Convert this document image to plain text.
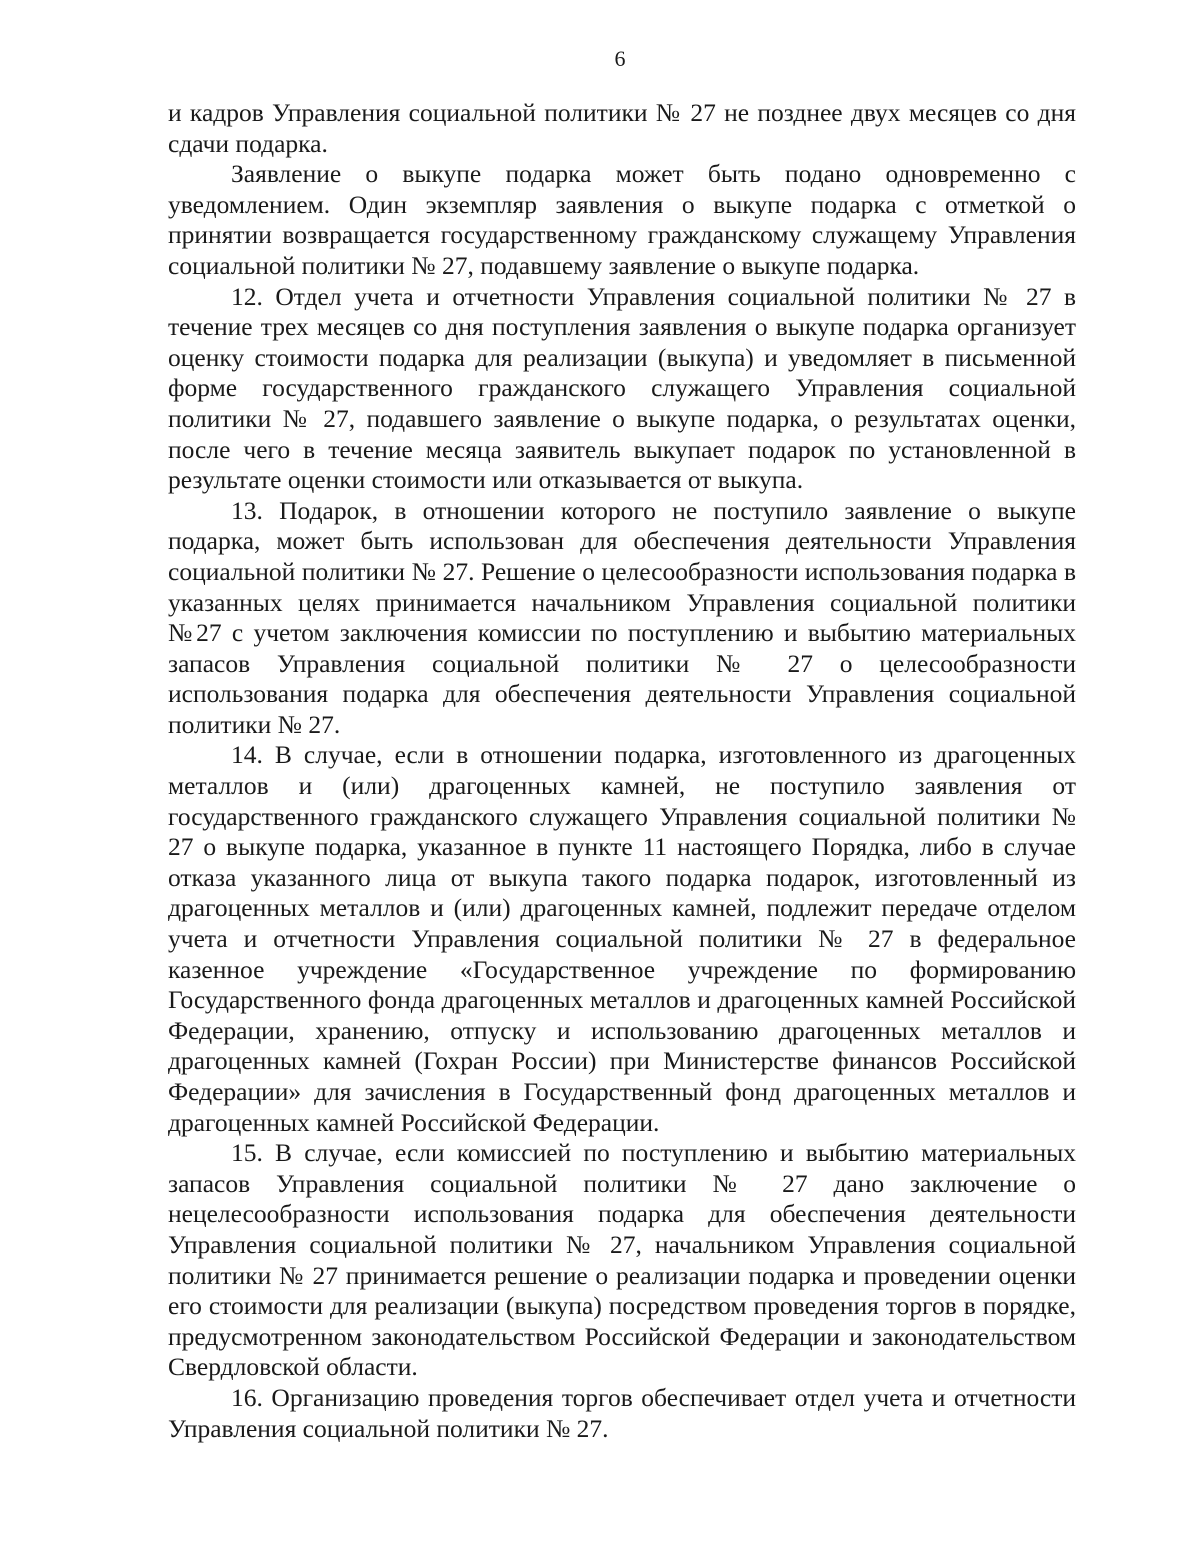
6

и кадров Управления социальной политики № 27 не позднее двух месяцев со дня сдачи подарка.

Заявление о выкупе подарка может быть подано одновременно с уведомлением. Один экземпляр заявления о выкупе подарка с отметкой о принятии возвращается государственному гражданскому служащему Управления социальной политики № 27, подавшему заявление о выкупе подарка.

12. Отдел учета и отчетности Управления социальной политики № 27 в течение трех месяцев со дня поступления заявления о выкупе подарка организует оценку стоимости подарка для реализации (выкупа) и уведомляет в письменной форме государственного гражданского служащего Управления социальной политики № 27, подавшего заявление о выкупе подарка, о результатах оценки, после чего в течение месяца заявитель выкупает подарок по установленной в результате оценки стоимости или отказывается от выкупа.

13. Подарок, в отношении которого не поступило заявление о выкупе подарка, может быть использован для обеспечения деятельности Управления социальной политики № 27. Решение о целесообразности использования подарка в указанных целях принимается начальником Управления социальной политики №27 с учетом заключения комиссии по поступлению и выбытию материальных запасов Управления социальной политики № 27 о целесообразности использования подарка для обеспечения деятельности Управления социальной политики № 27.

14. В случае, если в отношении подарка, изготовленного из драгоценных металлов и (или) драгоценных камней, не поступило заявления от государственного гражданского служащего Управления социальной политики № 27 о выкупе подарка, указанное в пункте 11 настоящего Порядка, либо в случае отказа указанного лица от выкупа такого подарка подарок, изготовленный из драгоценных металлов и (или) драгоценных камней, подлежит передаче отделом учета и отчетности Управления социальной политики № 27 в федеральное казенное учреждение «Государственное учреждение по формированию Государственного фонда драгоценных металлов и драгоценных камней Российской Федерации, хранению, отпуску и использованию драгоценных металлов и драгоценных камней (Гохран России) при Министерстве финансов Российской Федерации» для зачисления в Государственный фонд драгоценных металлов и драгоценных камней Российской Федерации.

15. В случае, если комиссией по поступлению и выбытию материальных запасов Управления социальной политики № 27 дано заключение о нецелесообразности использования подарка для обеспечения деятельности Управления социальной политики № 27, начальником Управления социальной политики № 27 принимается решение о реализации подарка и проведении оценки его стоимости для реализации (выкупа) посредством проведения торгов в порядке, предусмотренном законодательством Российской Федерации и законодательством Свердловской области.

16. Организацию проведения торгов обеспечивает отдел учета и отчетности Управления социальной политики № 27.
